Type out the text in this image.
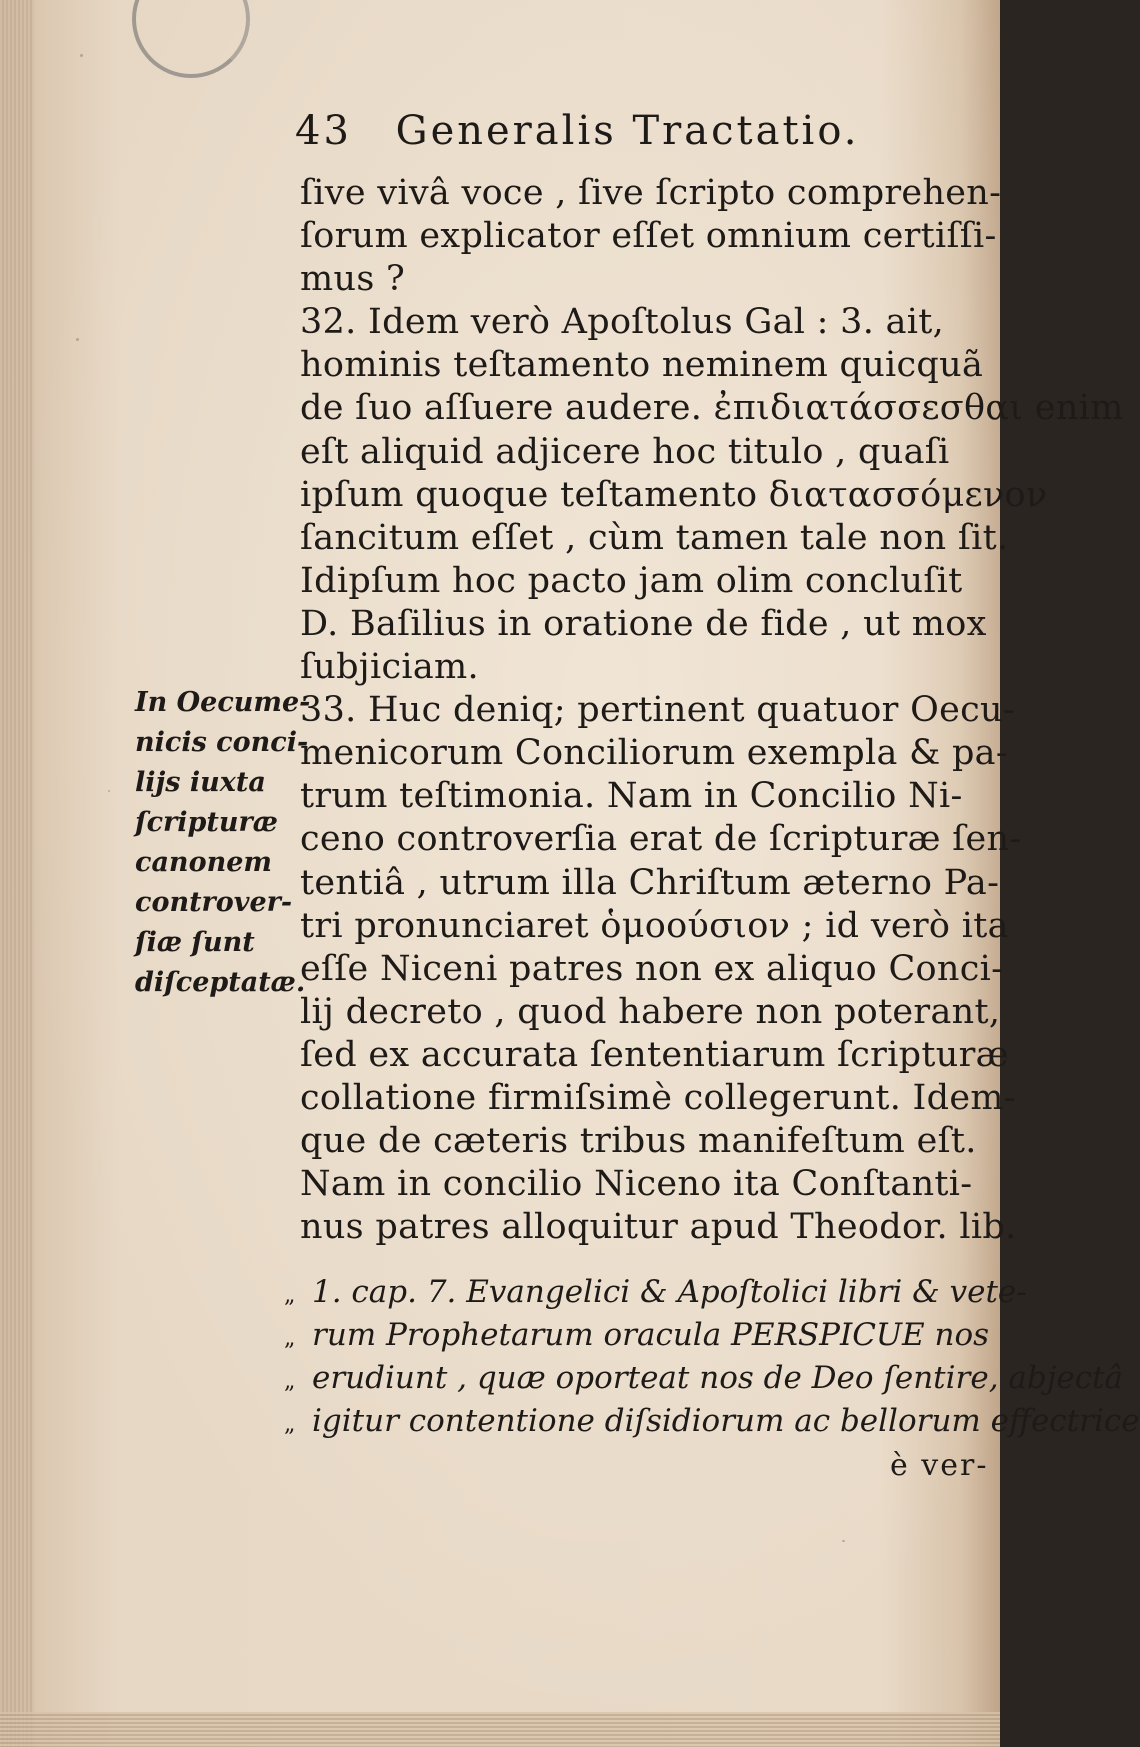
43 Generalis Tractatio.
ſive vivâ voce , ſive ſcripto comprehen-
ſorum explicator eſſet omnium certiſſi-
mus ?
32. Idem verò Apoſtolus Gal : 3. ait,
hominis teſtamento neminem quicquã
de ſuo aſſuere audere. ἐπιδιατάσσεσθαι enim
eſt aliquid adjicere hoc titulo , quaſi
ipſum quoque teſtamento διατασσόμενον
ſancitum eſſet , cùm tamen tale non ſit.
Idipſum hoc pacto jam olim concluſit
D. Baſilius in oratione de fide , ut mox
ſubjiciam.
33. Huc deniq; pertinent quatuor Oecu-
menicorum Conciliorum exempla & pa-
trum teſtimonia. Nam in Concilio Ni-
ceno controverſia erat de ſcripturæ ſen-
tentiâ , utrum illa Chriſtum æterno Pa-
tri pronunciaret ὁμοούσιον ; id verò ita
eſſe Niceni patres non ex aliquo Conci-
lij decreto , quod habere non poterant,
ſed ex accurata ſententiarum ſcripturæ
collatione firmiſsimè collegerunt. Idem-
que de cæteris tribus manifeſtum eſt.
Nam in concilio Niceno ita Conſtanti-
nus patres alloquitur apud Theodor. lib.
„ 1. cap. 7. Evangelici & Apoſtolici libri & vete-
„ rum Prophetarum oracula PERSPICUE nos
„ erudiunt , quæ oporteat nos de Deo ſentire, abjectâ
„ igitur contentione diſsidiorum ac bellorum effectrice
è ver-
In Oecume-
nicis conci-
lijs iuxta
ſcripturæ
canonem
controver-
ſiæ ſunt
diſceptatæ.
